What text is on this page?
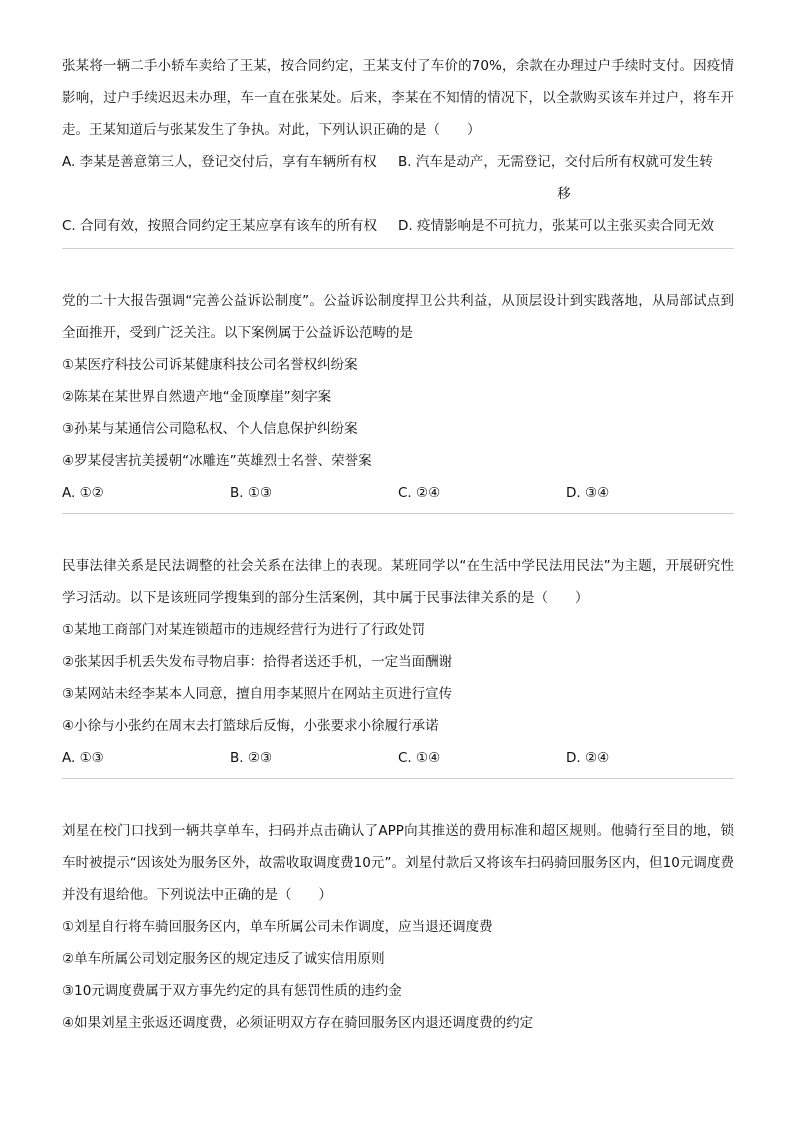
张某将一辆二手小轿车卖给了王某，按合同约定，王某支付了车价的70%，余款在办理过户手续时支付。因疫情影响，过户手续迟迟未办理，车一直在张某处。后来，李某在不知情的情况下，以全款购买该车并过户，将车开走。王某知道后与张某发生了争执。对此，下列认识正确的是（　　）

A. 李某是善意第三人，登记交付后，享有车辆所有权	B. 汽车是动产，无需登记，交付后所有权就可发生转
移
C. 合同有效，按照合同约定王某应享有该车的所有权	D. 疫情影响是不可抗力，张某可以主张买卖合同无效

党的二十大报告强调“完善公益诉讼制度”。公益诉讼制度捍卫公共利益，从顶层设计到实践落地，从局部试点到全面推开，受到广泛关注。以下案例属于公益诉讼范畴的是

①某医疗科技公司诉某健康科技公司名誉权纠纷案

②陈某在某世界自然遗产地“金顶摩崖”刻字案

③孙某与某通信公司隐私权、个人信息保护纠纷案

④罗某侵害抗美援朝“冰雕连”英雄烈士名誉、荣誉案

A. ①②	B. ①③	C. ②④	D. ③④

民事法律关系是民法调整的社会关系在法律上的表现。某班同学以“在生活中学民法用民法”为主题，开展研究性学习活动。以下是该班同学搜集到的部分生活案例，其中属于民事法律关系的是（　　）

①某地工商部门对某连锁超市的违规经营行为进行了行政处罚

②张某因手机丢失发布寻物启事：拾得者送还手机，一定当面酬谢

③某网站未经李某本人同意，擅自用李某照片在网站主页进行宣传

④小徐与小张约在周末去打篮球后反悔，小张要求小徐履行承诺

A. ①③	B. ②③	C. ①④	D. ②④

刘星在校门口找到一辆共享单车，扫码并点击确认了APP向其推送的费用标准和超区规则。他骑行至目的地，锁车时被提示“因该处为服务区外，故需收取调度费10元”。刘星付款后又将该车扫码骑回服务区内，但10元调度费并没有退给他。下列说法中正确的是（　　）

①刘星自行将车骑回服务区内，单车所属公司未作调度，应当退还调度费

②单车所属公司划定服务区的规定违反了诚实信用原则

③10元调度费属于双方事先约定的具有惩罚性质的违约金

④如果刘星主张返还调度费，必须证明双方存在骑回服务区内退还调度费的约定
